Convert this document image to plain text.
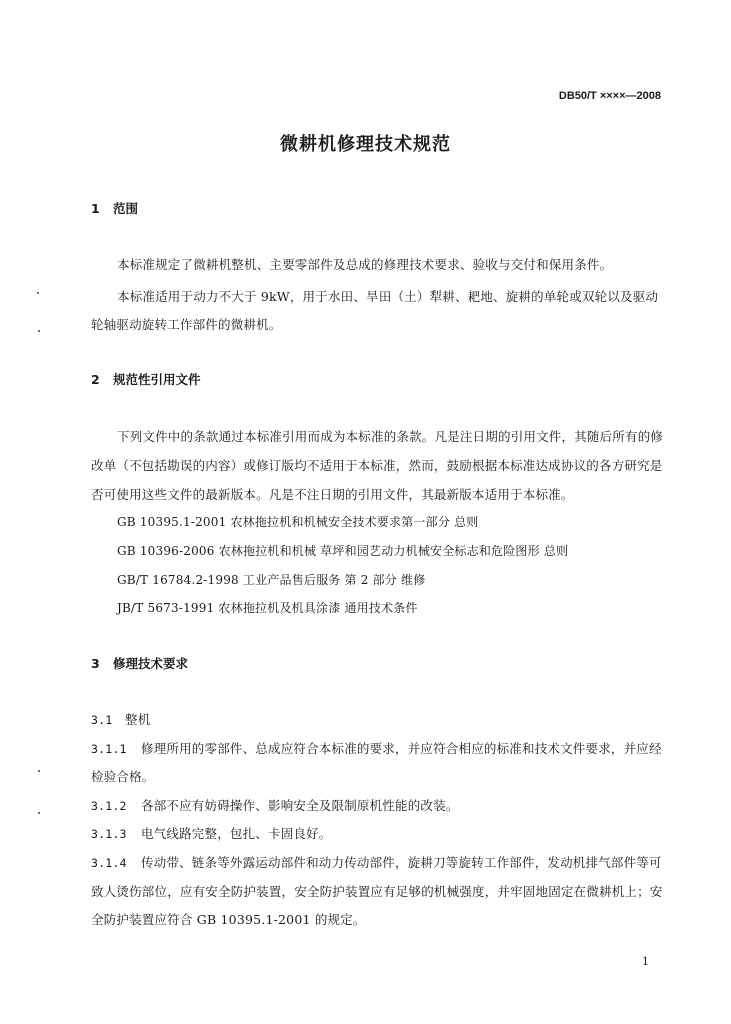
DB50/T ××××—2008
微耕机修理技术规范
1 范围
本标准规定了微耕机整机、主要零部件及总成的修理技术要求、验收与交付和保用条件。
本标准适用于动力不大于 9kW，用于水田、旱田（土）犁耕、耙地、旋耕的单轮或双轮以及驱动
轮轴驱动旋转工作部件的微耕机。
2 规范性引用文件
下列文件中的条款通过本标准引用而成为本标准的条款。凡是注日期的引用文件，其随后所有的修
改单（不包括勘误的内容）或修订版均不适用于本标准，然而，鼓励根据本标准达成协议的各方研究是
否可使用这些文件的最新版本。凡是不注日期的引用文件，其最新版本适用于本标准。
GB 10395.1-2001 农林拖拉机和机械安全技术要求第一部分 总则
GB 10396-2006 农林拖拉机和机械 草坪和园艺动力机械安全标志和危险图形 总则
GB/T 16784.2-1998 工业产品售后服务 第 2 部分 维修
JB/T 5673-1991 农林拖拉机及机具涂漆 通用技术条件
3 修理技术要求
3.1 整机
3.1.1 修理所用的零部件、总成应符合本标准的要求，并应符合相应的标准和技术文件要求，并应经
检验合格。
3.1.2 各部不应有妨碍操作、影响安全及限制原机性能的改装。
3.1.3 电气线路完整，包扎、卡固良好。
3.1.4 传动带、链条等外露运动部件和动力传动部件，旋耕刀等旋转工作部件，发动机排气部件等可
致人烫伤部位，应有安全防护装置，安全防护装置应有足够的机械强度，并牢固地固定在微耕机上；安
全防护装置应符合 GB 10395.1-2001 的规定。
1
